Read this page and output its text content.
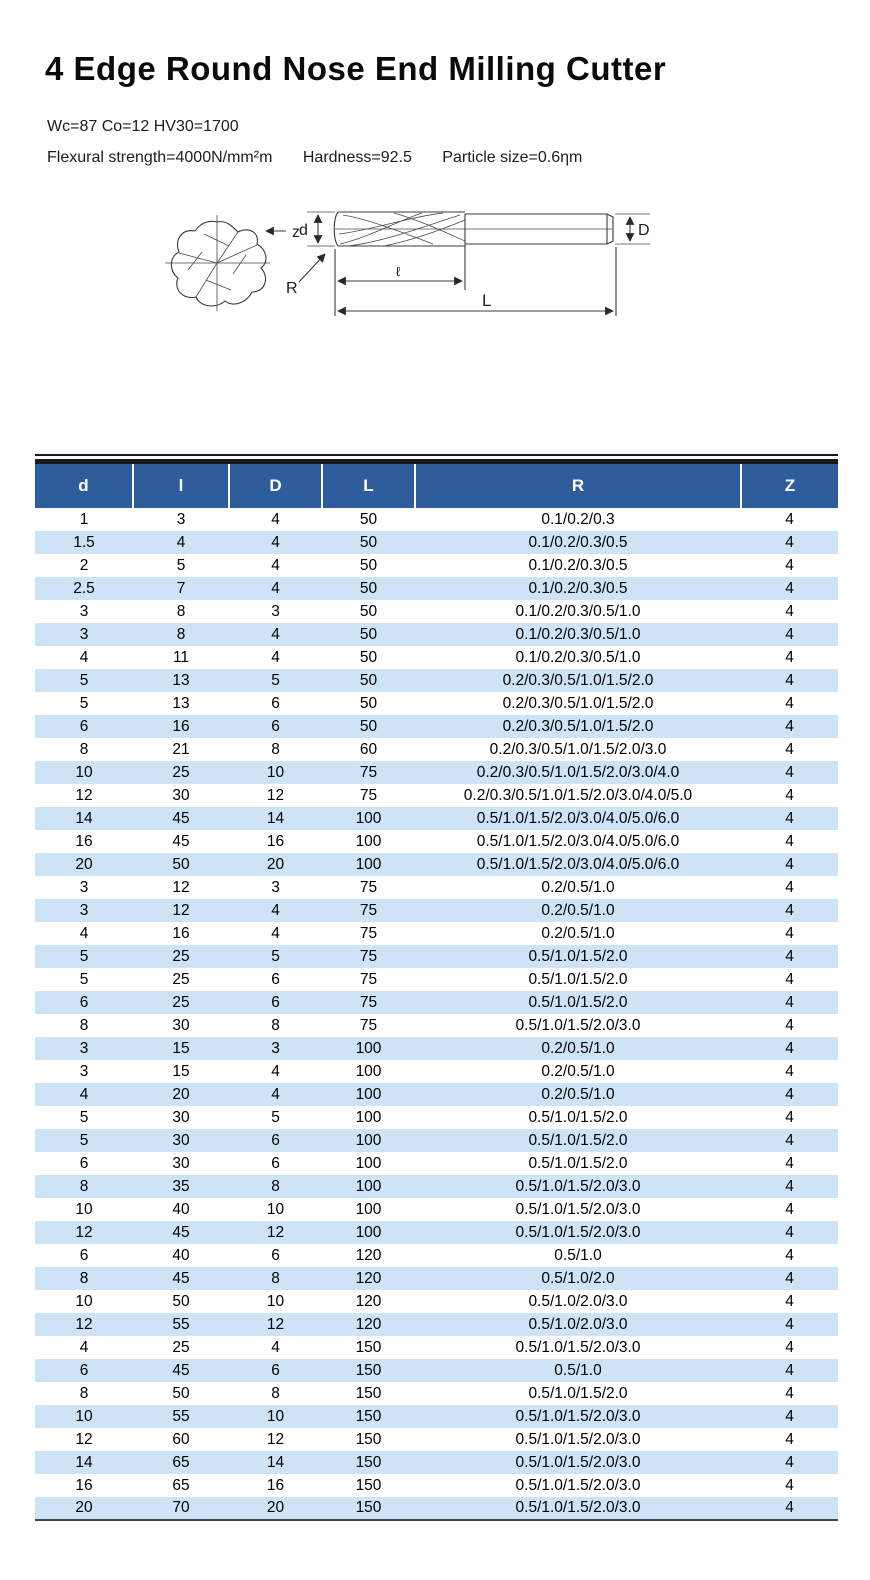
4 Edge Round Nose End Milling Cutter
Wc=87 Co=12 HV30=1700
Flexural strength=4000N/mm²m Hardness=92.5 Particle size=0.6ηm
z d	D
R
ℓ
L
d	l	D	L	R	Z
1	3	4	50	0.1/0.2/0.3	4
1.5	4	4	50	0.1/0.2/0.3/0.5	4
2	5	4	50	0.1/0.2/0.3/0.5	4
2.5	7	4	50	0.1/0.2/0.3/0.5	4
3	8	3	50	0.1/0.2/0.3/0.5/1.0	4
3	8	4	50	0.1/0.2/0.3/0.5/1.0	4
4	11	4	50	0.1/0.2/0.3/0.5/1.0	4
5	13	5	50	0.2/0.3/0.5/1.0/1.5/2.0	4
5	13	6	50	0.2/0.3/0.5/1.0/1.5/2.0	4
6	16	6	50	0.2/0.3/0.5/1.0/1.5/2.0	4
8	21	8	60	0.2/0.3/0.5/1.0/1.5/2.0/3.0	4
10	25	10	75	0.2/0.3/0.5/1.0/1.5/2.0/3.0/4.0	4
12	30	12	75	0.2/0.3/0.5/1.0/1.5/2.0/3.0/4.0/5.0	4
14	45	14	100	0.5/1.0/1.5/2.0/3.0/4.0/5.0/6.0	4
16	45	16	100	0.5/1.0/1.5/2.0/3.0/4.0/5.0/6.0	4
20	50	20	100	0.5/1.0/1.5/2.0/3.0/4.0/5.0/6.0	4
3	12	3	75	0.2/0.5/1.0	4
3	12	4	75	0.2/0.5/1.0	4
4	16	4	75	0.2/0.5/1.0	4
5	25	5	75	0.5/1.0/1.5/2.0	4
5	25	6	75	0.5/1.0/1.5/2.0	4
6	25	6	75	0.5/1.0/1.5/2.0	4
8	30	8	75	0.5/1.0/1.5/2.0/3.0	4
3	15	3	100	0.2/0.5/1.0	4
3	15	4	100	0.2/0.5/1.0	4
4	20	4	100	0.2/0.5/1.0	4
5	30	5	100	0.5/1.0/1.5/2.0	4
5	30	6	100	0.5/1.0/1.5/2.0	4
6	30	6	100	0.5/1.0/1.5/2.0	4
8	35	8	100	0.5/1.0/1.5/2.0/3.0	4
10	40	10	100	0.5/1.0/1.5/2.0/3.0	4
12	45	12	100	0.5/1.0/1.5/2.0/3.0	4
6	40	6	120	0.5/1.0	4
8	45	8	120	0.5/1.0/2.0	4
10	50	10	120	0.5/1.0/2.0/3.0	4
12	55	12	120	0.5/1.0/2.0/3.0	4
4	25	4	150	0.5/1.0/1.5/2.0/3.0	4
6	45	6	150	0.5/1.0	4
8	50	8	150	0.5/1.0/1.5/2.0	4
10	55	10	150	0.5/1.0/1.5/2.0/3.0	4
12	60	12	150	0.5/1.0/1.5/2.0/3.0	4
14	65	14	150	0.5/1.0/1.5/2.0/3.0	4
16	65	16	150	0.5/1.0/1.5/2.0/3.0	4
20	70	20	150	0.5/1.0/1.5/2.0/3.0	4
